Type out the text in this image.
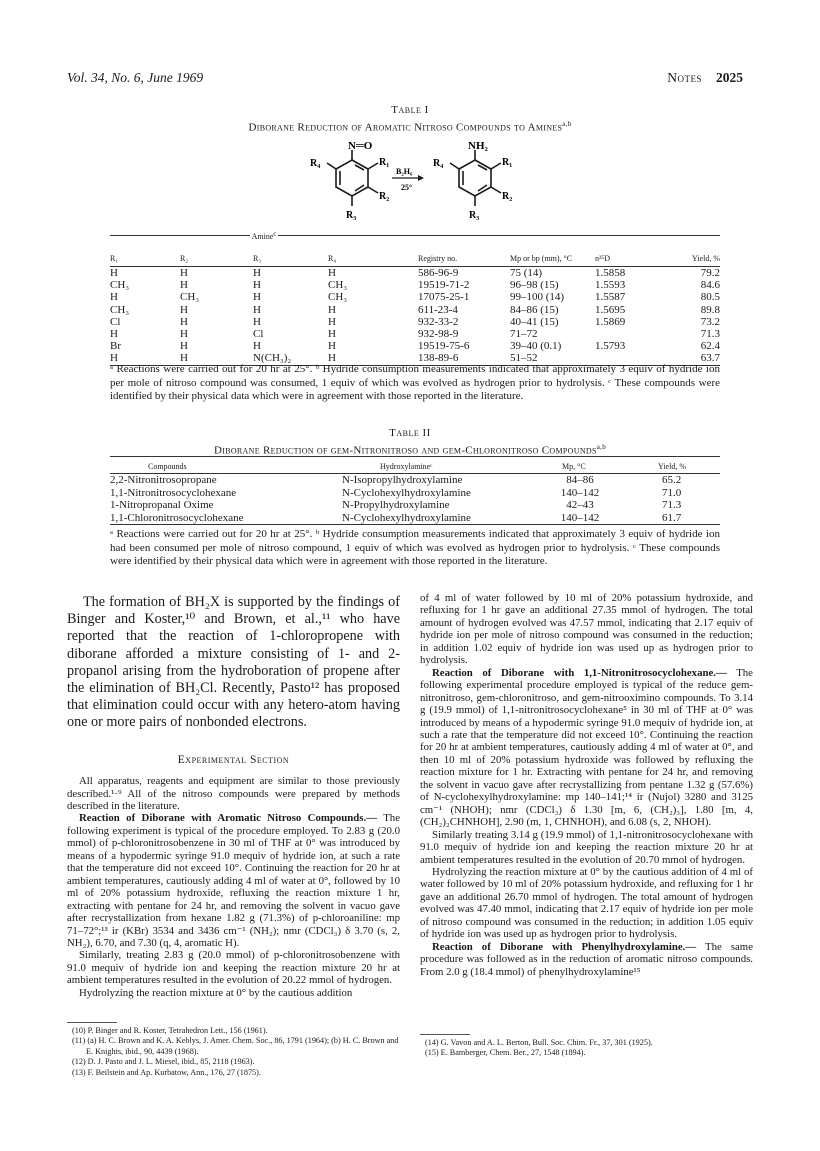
Vol. 34, No. 6, June 1969	Notes 2025
Table I
Diborane Reduction of Aromatic Nitroso Compounds to Amines$^{a,b}$
N═O
R₁
R₂
R₃
R₄
B₂H₆
25°
NH₂
R₁
R₂
R₃
R₄
Amine$^c$	
R₁	R₂	R₃	R₄	Registry no.	Mp or bp (mm), °C	n²⁵D	Yield, %
H	H	H	H	586-96-9	75 (14)	1.5858	79.2
CH₃	H	H	CH₃	19519-71-2	96–98 (15)	1.5593	84.6
H	CH₃	H	CH₃	17075-25-1	99–100 (14)	1.5587	80.5
CH₃	H	H	H	611-23-4	84–86 (15)	1.5695	89.8
Cl	H	H	H	932-33-2	40–41 (15)	1.5869	73.2
H	H	Cl	H	932-98-9	71–72		71.3
Br	H	H	H	19519-75-6	39–40 (0.1)	1.5793	62.4
H	H	N(CH₃)₂	H	138-89-6	51–52		63.7
ᵃ Reactions were carried out for 20 hr at 25°. ᵇ Hydride consumption measurements indicated that approximately 3 equiv of hydride ion per mole of nitroso compound was consumed, 1 equiv of which was evolved as hydrogen prior to hydrolysis. ᶜ These compounds were identified by their physical data which were in agreement with those reported in the literature.
Table II
Diborane Reduction of gem-Nitronitroso and gem-Chloronitroso Compounds$^{a,b}$
Compounds	Hydroxylamineᶜ	Mp, °C	Yield, %
2,2-Nitronitrosopropane	N-Isopropylhydroxylamine	84–86	65.2
1,1-Nitronitrosocyclohexane	N-Cyclohexylhydroxylamine	140–142	71.0
1-Nitropropanal Oxime	N-Propylhydroxylamine	42–43	71.3
1,1-Chloronitrosocyclohexane	N-Cyclohexylhydroxylamine	140–142	61.7
ᵃ Reactions were carried out for 20 hr at 25°. ᵇ Hydride consumption measurements indicated that approximately 3 equiv of hydride ion had been consumed per mole of nitroso compound, 1 equiv of which was evolved as hydrogen prior to hydrolysis. ᶜ These compounds were identified by their physical data which were in agreement with those reported in the literature.

The formation of BH₂X is supported by the findings of Binger and Koster,¹⁰ and Brown, et al.,¹¹ who have reported that the reaction of 1-chloropropene with diborane afforded a mixture consisting of 1- and 2-propanol arising from the hydroboration of propene after the elimination of BH₂Cl. Recently, Pasto¹² has proposed that elimination could occur with any hetero-atom having one or more pairs of nonbonded electrons.

Experimental Section

All apparatus, reagents and equipment are similar to those previously described.¹·⁹ All of the nitroso compounds were prepared by methods described in the literature.

Reaction of Diborane with Aromatic Nitroso Compounds.— The following experiment is typical of the procedure employed. To 2.83 g (20.0 mmol) of p-chloronitrosobenzene in 30 ml of THF at 0° was introduced by means of a hypodermic syringe 91.0 mequiv of hydride ion, at such a rate that the temperature did not exceed 10°. Continuing the reaction for 20 hr at ambient temperatures, cautiously adding 4 ml of water at 0°, followed by 10 ml of 20% potassium hydroxide, refluxing the reaction mixture 1 hr, extracting with pentane for 24 hr, and removing the solvent in vacuo gave after recrystallization from hexane 1.82 g (71.3%) of p-chloroaniline: mp 71–72°;¹³ ir (KBr) 3534 and 3436 cm⁻¹ (NH₂); nmr (CDCl₃) δ 3.70 (s, 2, NH₂), 6.70, and 7.30 (q, 4, aromatic H).

Similarly, treating 2.83 g (20.0 mmol) of p-chloronitrosobenzene with 91.0 mequiv of hydride ion and keeping the reaction mixture 20 hr at ambient temperatures resulted in the evolution of 20.22 mmol of hydrogen.

Hydrolyzing the reaction mixture at 0° by the cautious addition

(10) P. Binger and R. Koster, Tetrahedron Lett., 156 (1961).
(11) (a) H. C. Brown and K. A. Keblys, J. Amer. Chem. Soc., 86, 1791 (1964); (b) H. C. Brown and E. Knights, ibid., 90, 4439 (1968).
(12) D. J. Pasto and J. L. Miesel, ibid., 85, 2118 (1963).
(13) F. Beilstein and Ap. Kurbatow, Ann., 176, 27 (1875).

of 4 ml of water followed by 10 ml of 20% potassium hydroxide, and refluxing for 1 hr gave an additional 27.35 mmol of hydrogen. The total amount of hydrogen evolved was 47.57 mmol, indicating that 2.17 equiv of hydride ion per mole of nitroso compound was consumed in the reduction; in addition 1.02 equiv of hydride ion was used up as hydrogen prior to hydrolysis.

Reaction of Diborane with 1,1-Nitronitrosocyclohexane.— The following experimental procedure employed is typical of the reduce gem-nitronitroso, gem-chloronitroso, and gem-nitrooximino compounds. To 3.14 g (19.9 mmol) of 1,1-nitronitrosocyclohexane⁵ in 30 ml of THF at 0° was introduced by means of a hypodermic syringe 91.0 mequiv of hydride ion, at such a rate that the temperature did not exceed 10°. Continuing the reaction for 20 hr at ambient temperatures, cautiously adding 4 ml of water at 0°, and then 10 ml of 20% potassium hydroxide was followed by refluxing the reaction mixture for 1 hr. Extracting with pentane for 24 hr, and removing the solvent in vacuo gave after recrystallizing from pentane 1.32 g (57.6%) of N-cyclohexylhydroxylamine: mp 140–141;¹⁴ ir (Nujol) 3280 and 3125 cm⁻¹ (NHOH); nmr (CDCl₃) δ 1.30 [m, 6, (CH₂)₃], 1.80 [m, 4, (CH₂)₂CHNHOH], 2.90 (m, 1, CHNHOH), and 6.08 (s, 2, NHOH).

Similarly treating 3.14 g (19.9 mmol) of 1,1-nitronitrosocyclohexane with 91.0 mequiv of hydride ion and keeping the reaction mixture 20 hr at ambient temperatures resulted in the evolution of 20.70 mmol of hydrogen.

Hydrolyzing the reaction mixture at 0° by the cautious addition of 4 ml of water followed by 10 ml of 20% potassium hydroxide, and refluxing for 1 hr gave an additional 26.70 mmol of hydrogen. The total amount of hydrogen evolved was 47.40 mmol, indicating that 2.17 equiv of hydride ion per mole of nitroso compound was consumed in the reduction; in addition 1.05 equiv of hydride ion was used up as hydrogen prior to hydrolysis.

Reaction of Diborane with Phenylhydroxylamine.— The same procedure was followed as in the reduction of aromatic nitroso compounds. From 2.0 g (18.4 mmol) of phenylhydroxylamine¹⁵

(14) G. Vavon and A. L. Berton, Bull. Soc. Chim. Fr., 37, 301 (1925).
(15) E. Bamberger, Chem. Ber., 27, 1548 (1894).
